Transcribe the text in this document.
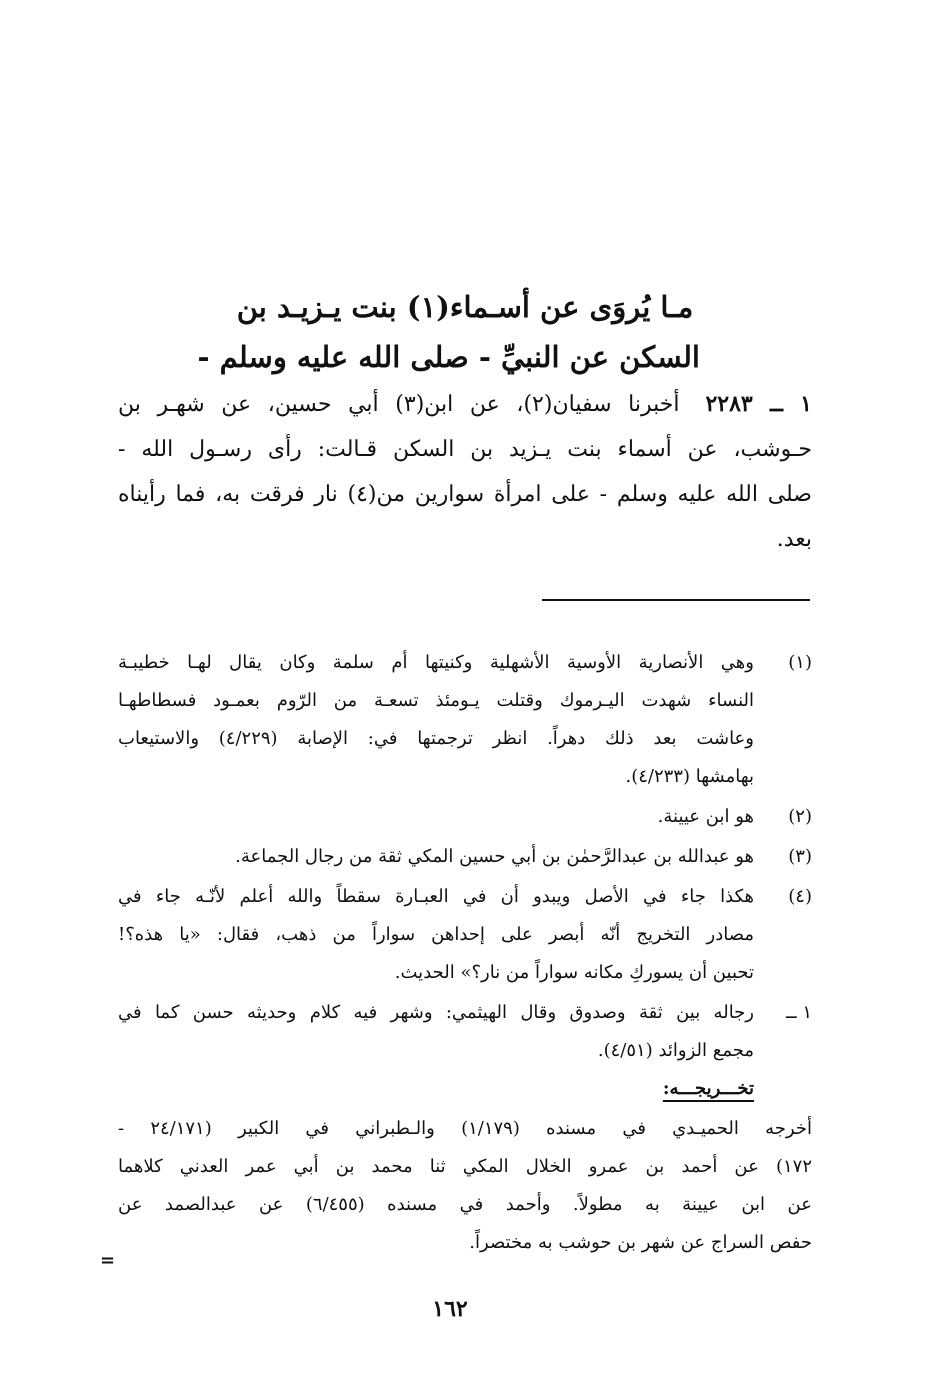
مـا يُروَى عن أسـماء(١) بنت يـزيـد بن
السكن عن النبيِّ - صلى الله عليه وسلم -
١ ــ ٢٢٨٣أخبرنا سفيان(٢)، عن ابن(٣) أبي حسين، عن شهـر بن
حـوشب، عن أسماء بنت يـزيد بن السكن قـالت: رأى رسـول الله -
صلى الله عليه وسلم - على امرأة سوارين من(٤) نار فرقت به، فما رأيناه
بعد.
(١)
وهي الأنصارية الأوسية الأشهلية وكنيتها أم سلمة وكان يقال لهـا خطيبـة
النساء شهدت اليـرموك وقتلت يـومئذ تسعـة من الرّوم بعمـود فسطاطهـا
وعاشت بعد ذلك دهراً. انظر ترجمتها في: الإصابة (٤/٢٢٩) والاستيعاب
بهامشها (٤/٢٣٣).
(٢)
هو ابن عيينة.
(٣)
هو عبدالله بن عبدالرَّحمٰن بن أبي حسين المكي ثقة من رجال الجماعة.
(٤)
هكذا جاء في الأصل ويبدو أن في العبـارة سقطاً والله أعلم لأنّـه جاء في
مصادر التخريج أنّه أبصر على إحداهن سواراً من ذهب، فقال: «يا هذه؟!
تحبين أن يسوركِ مكانه سواراً من نار؟» الحديث.
١ ــ
رجاله بين ثقة وصدوق وقال الهيثمي: وشهر فيه كلام وحديثه حسن كما في
مجمع الزوائد (٤/٥١).
تخـــريجـــه:
أخرجه الحميـدي في مسنده (١/١٧٩) والـطبراني في الكبير (٢٤/١٧١ -
١٧٢) عن أحمد بن عمرو الخلال المكي ثنا محمد بن أبي عمر العدني كلاهما
عن ابن عيينة به مطولاً. وأحمد في مسنده (٦/٤٥٥) عن عبدالصمد عن
حفص السراج عن شهر بن حوشب به مختصراً.
=
١٦٢
